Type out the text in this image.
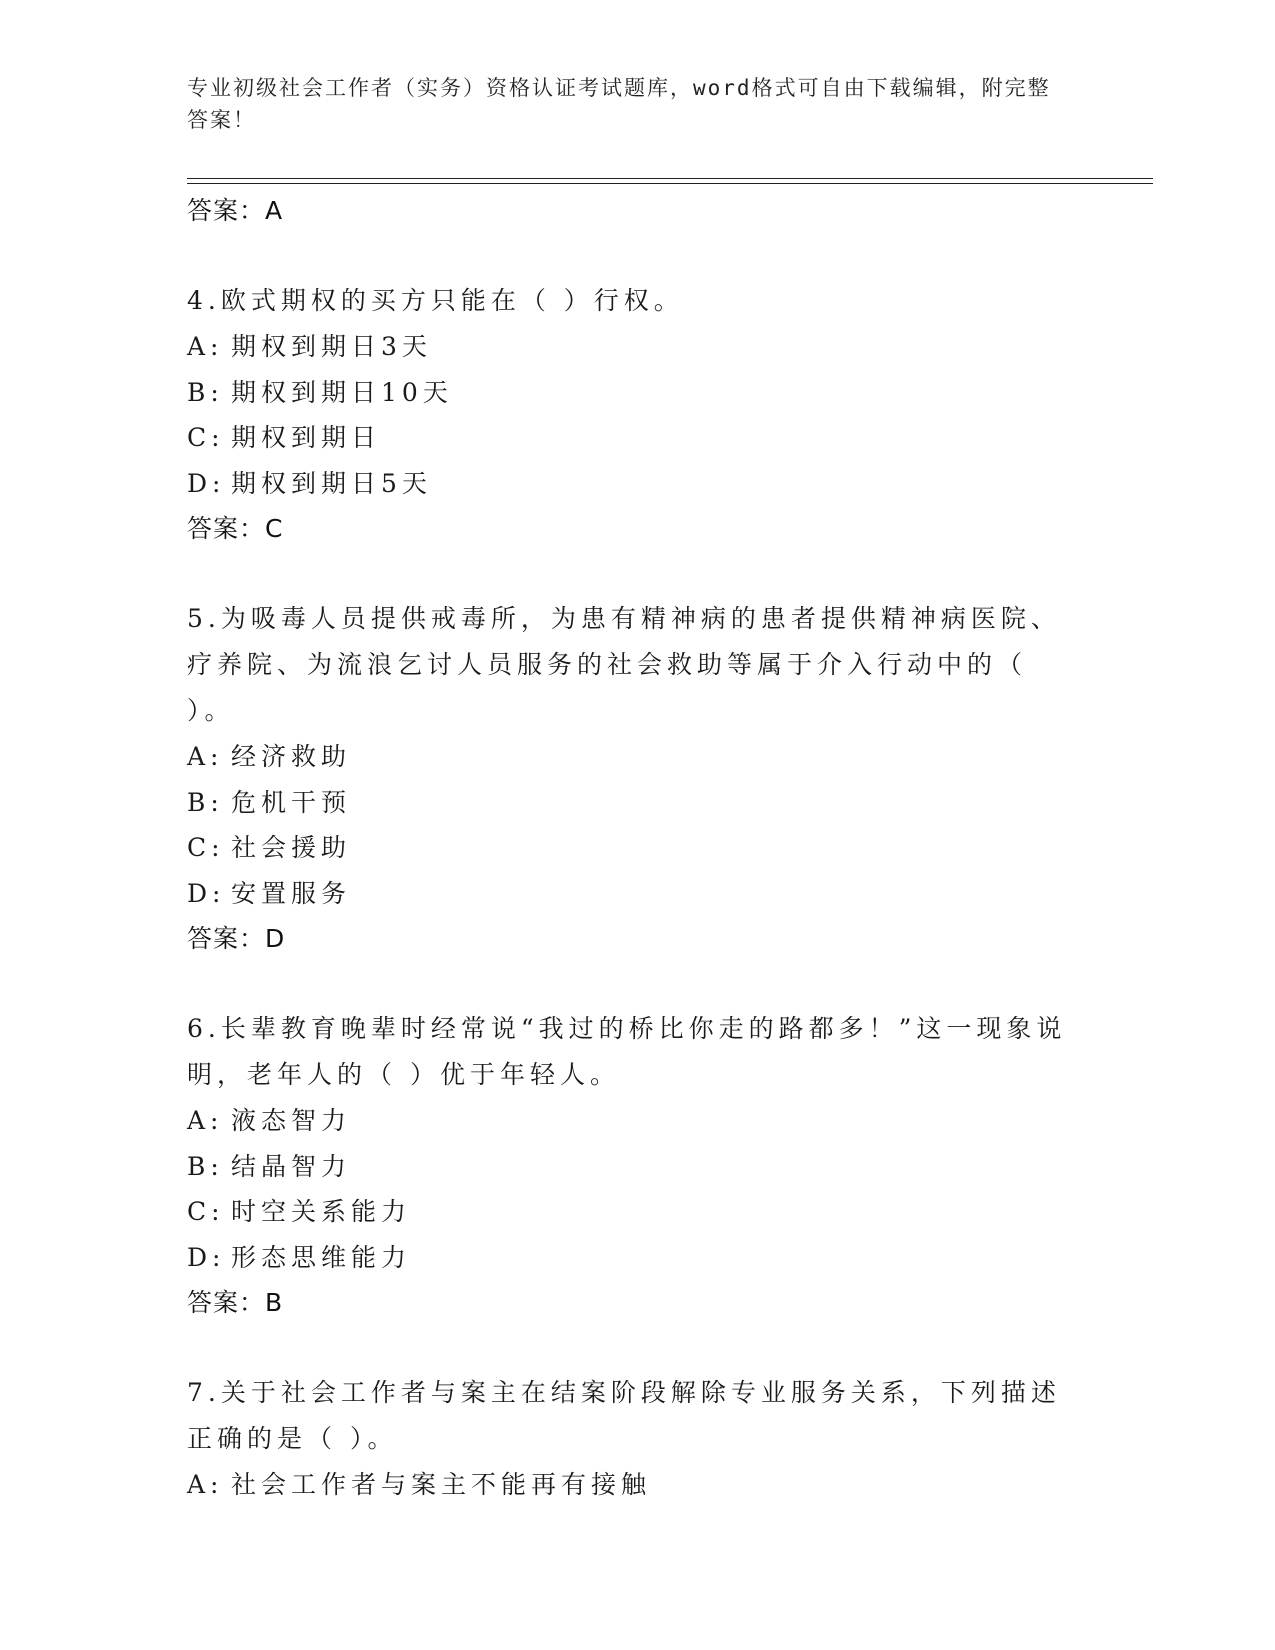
专业初级社会工作者（实务）资格认证考试题库，word格式可自由下载编辑，附完整答案！
答案：A
4.欧式期权的买方只能在（ ）行权。
A: 期权到期日3天
B: 期权到期日10天
C: 期权到期日
D: 期权到期日5天
答案：C
5.为吸毒人员提供戒毒所，为患有精神病的患者提供精神病医院、疗养院、为流浪乞讨人员服务的社会救助等属于介入行动中的（ ）。
A: 经济救助
B: 危机干预
C: 社会援助
D: 安置服务
答案：D
6.长辈教育晚辈时经常说“我过的桥比你走的路都多！”这一现象说明，老年人的（ ）优于年轻人。
A: 液态智力
B: 结晶智力
C: 时空关系能力
D: 形态思维能力
答案：B
7.关于社会工作者与案主在结案阶段解除专业服务关系，下列描述正确的是（ ）。
A: 社会工作者与案主不能再有接触
